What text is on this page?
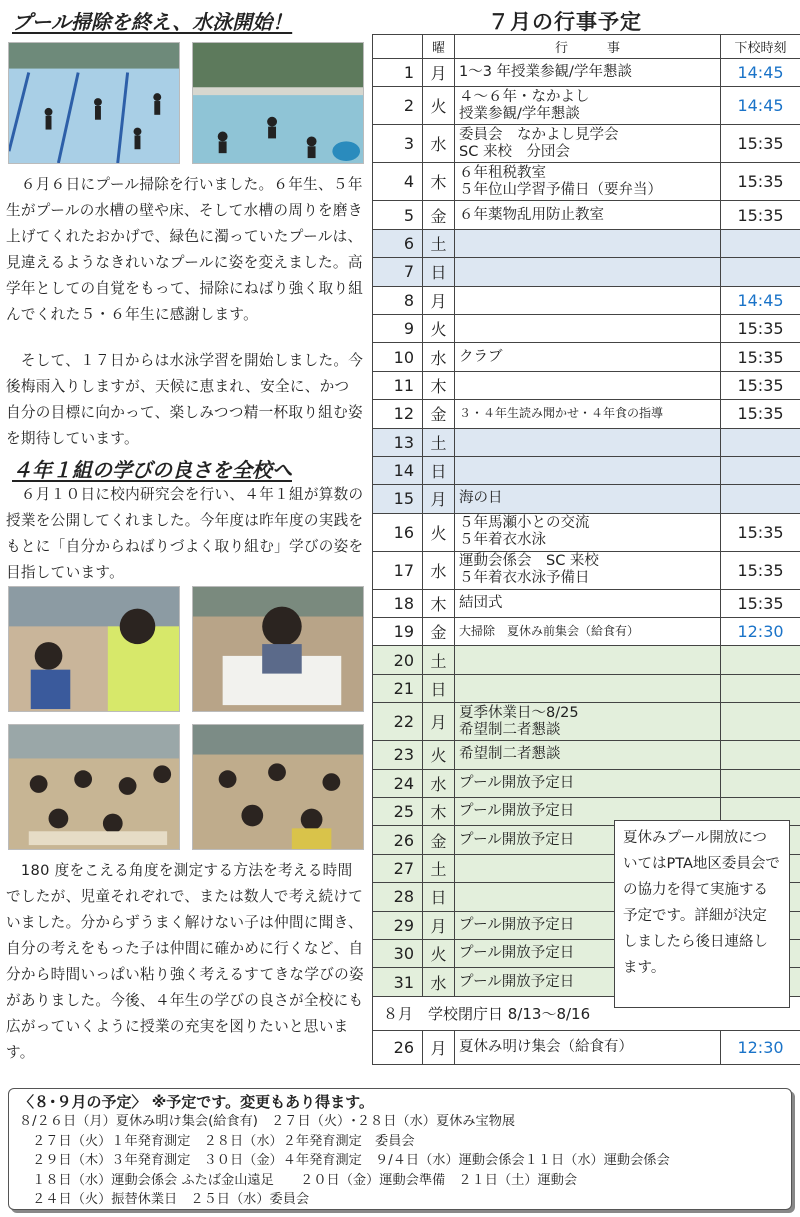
プール掃除を終え、水泳開始！
　６月６日にプール掃除を行いました。６年生、５年生がプールの水槽の壁や床、そして水槽の周りを磨き上げてくれたおかげで、緑色に濁っていたプールは、見違えるようなきれいなプールに姿を変えました。高学年としての自覚をもって、掃除にねばり強く取り組んでくれた５・６年生に感謝します。
　そして、１７日からは水泳学習を開始しました。今後梅雨入りしますが、天候に恵まれ、安全に、かつ自分の目標に向かって、楽しみつつ精一杯取り組む姿を期待しています。
４年１組の学びの良さを全校へ
　６月１０日に校内研究会を行い、４年１組が算数の授業を公開してくれました。今年度は昨年度の実践をもとに「自分からねばりづよく取り組む」学びの姿を目指しています。
　180 度をこえる角度を測定する方法を考える時間でしたが、児童それぞれで、または数人で考え続けていました。分からずうまく解けない子は仲間に聞き、自分の考えをもった子は仲間に確かめに行くなど、自分から時間いっぱい粘り強く考えるすてきな学びの姿がありました。今後、４年生の学びの良さが全校にも広がっていくように授業の充実を図りたいと思います。
７月の行事予定
	曜	行　　　事	下校時刻
1	月	1～3 年授業参観/学年懇談	14:45
2	火	４～６年・なかよし
授業参観/学年懇談	14:45
3	水	委員会　なかよし見学会
SC 来校　分団会	15:35
4	木	６年租税教室
５年位山学習予備日（要弁当）	15:35
5	金	６年薬物乱用防止教室	15:35
6	土		
7	日		
8	月		14:45
9	火		15:35
10	水	クラブ	15:35
11	木		15:35
12	金	３・４年生読み聞かせ・４年食の指導	15:35
13	土		
14	日		
15	月	海の日	
16	火	５年馬瀬小との交流
５年着衣水泳	15:35
17	水	運動会係会　SC 来校
５年着衣水泳予備日	15:35
18	木	結団式	15:35
19	金	大掃除　夏休み前集会（給食有）	12:30
20	土		
21	日		
22	月	夏季休業日～8/25
希望制二者懇談	
23	火	希望制二者懇談	
24	水	プール開放予定日	
25	木	プール開放予定日	
26	金	プール開放予定日	
27	土		
28	日		
29	月	プール開放予定日	
30	火	プール開放予定日	
31	水	プール開放予定日	
８月　学校閉庁日 8/13～8/16			
26	月	夏休み明け集会（給食有）	12:30
夏休みプール開放についてはPTA地区委員会での協力を得て実施する予定です。詳細が決定しましたら後日連絡します。
〈８･９月の予定〉 ※予定です。変更もあり得ます。
８/２６日（月）夏休み明け集会(給食有)　２７日（火）･２８日（水）夏休み宝物展
　２７日（火）１年発育測定　２８日（水）２年発育測定　委員会
　２９日（木）３年発育測定　３０日（金）４年発育測定　９/４日（水）運動会係会１１日（水）運動会係会
　１８日（水）運動会係会 ふたば金山遠足　　２０日（金）運動会準備　２１日（土）運動会
　２４日（火）振替休業日　２５日（水）委員会
